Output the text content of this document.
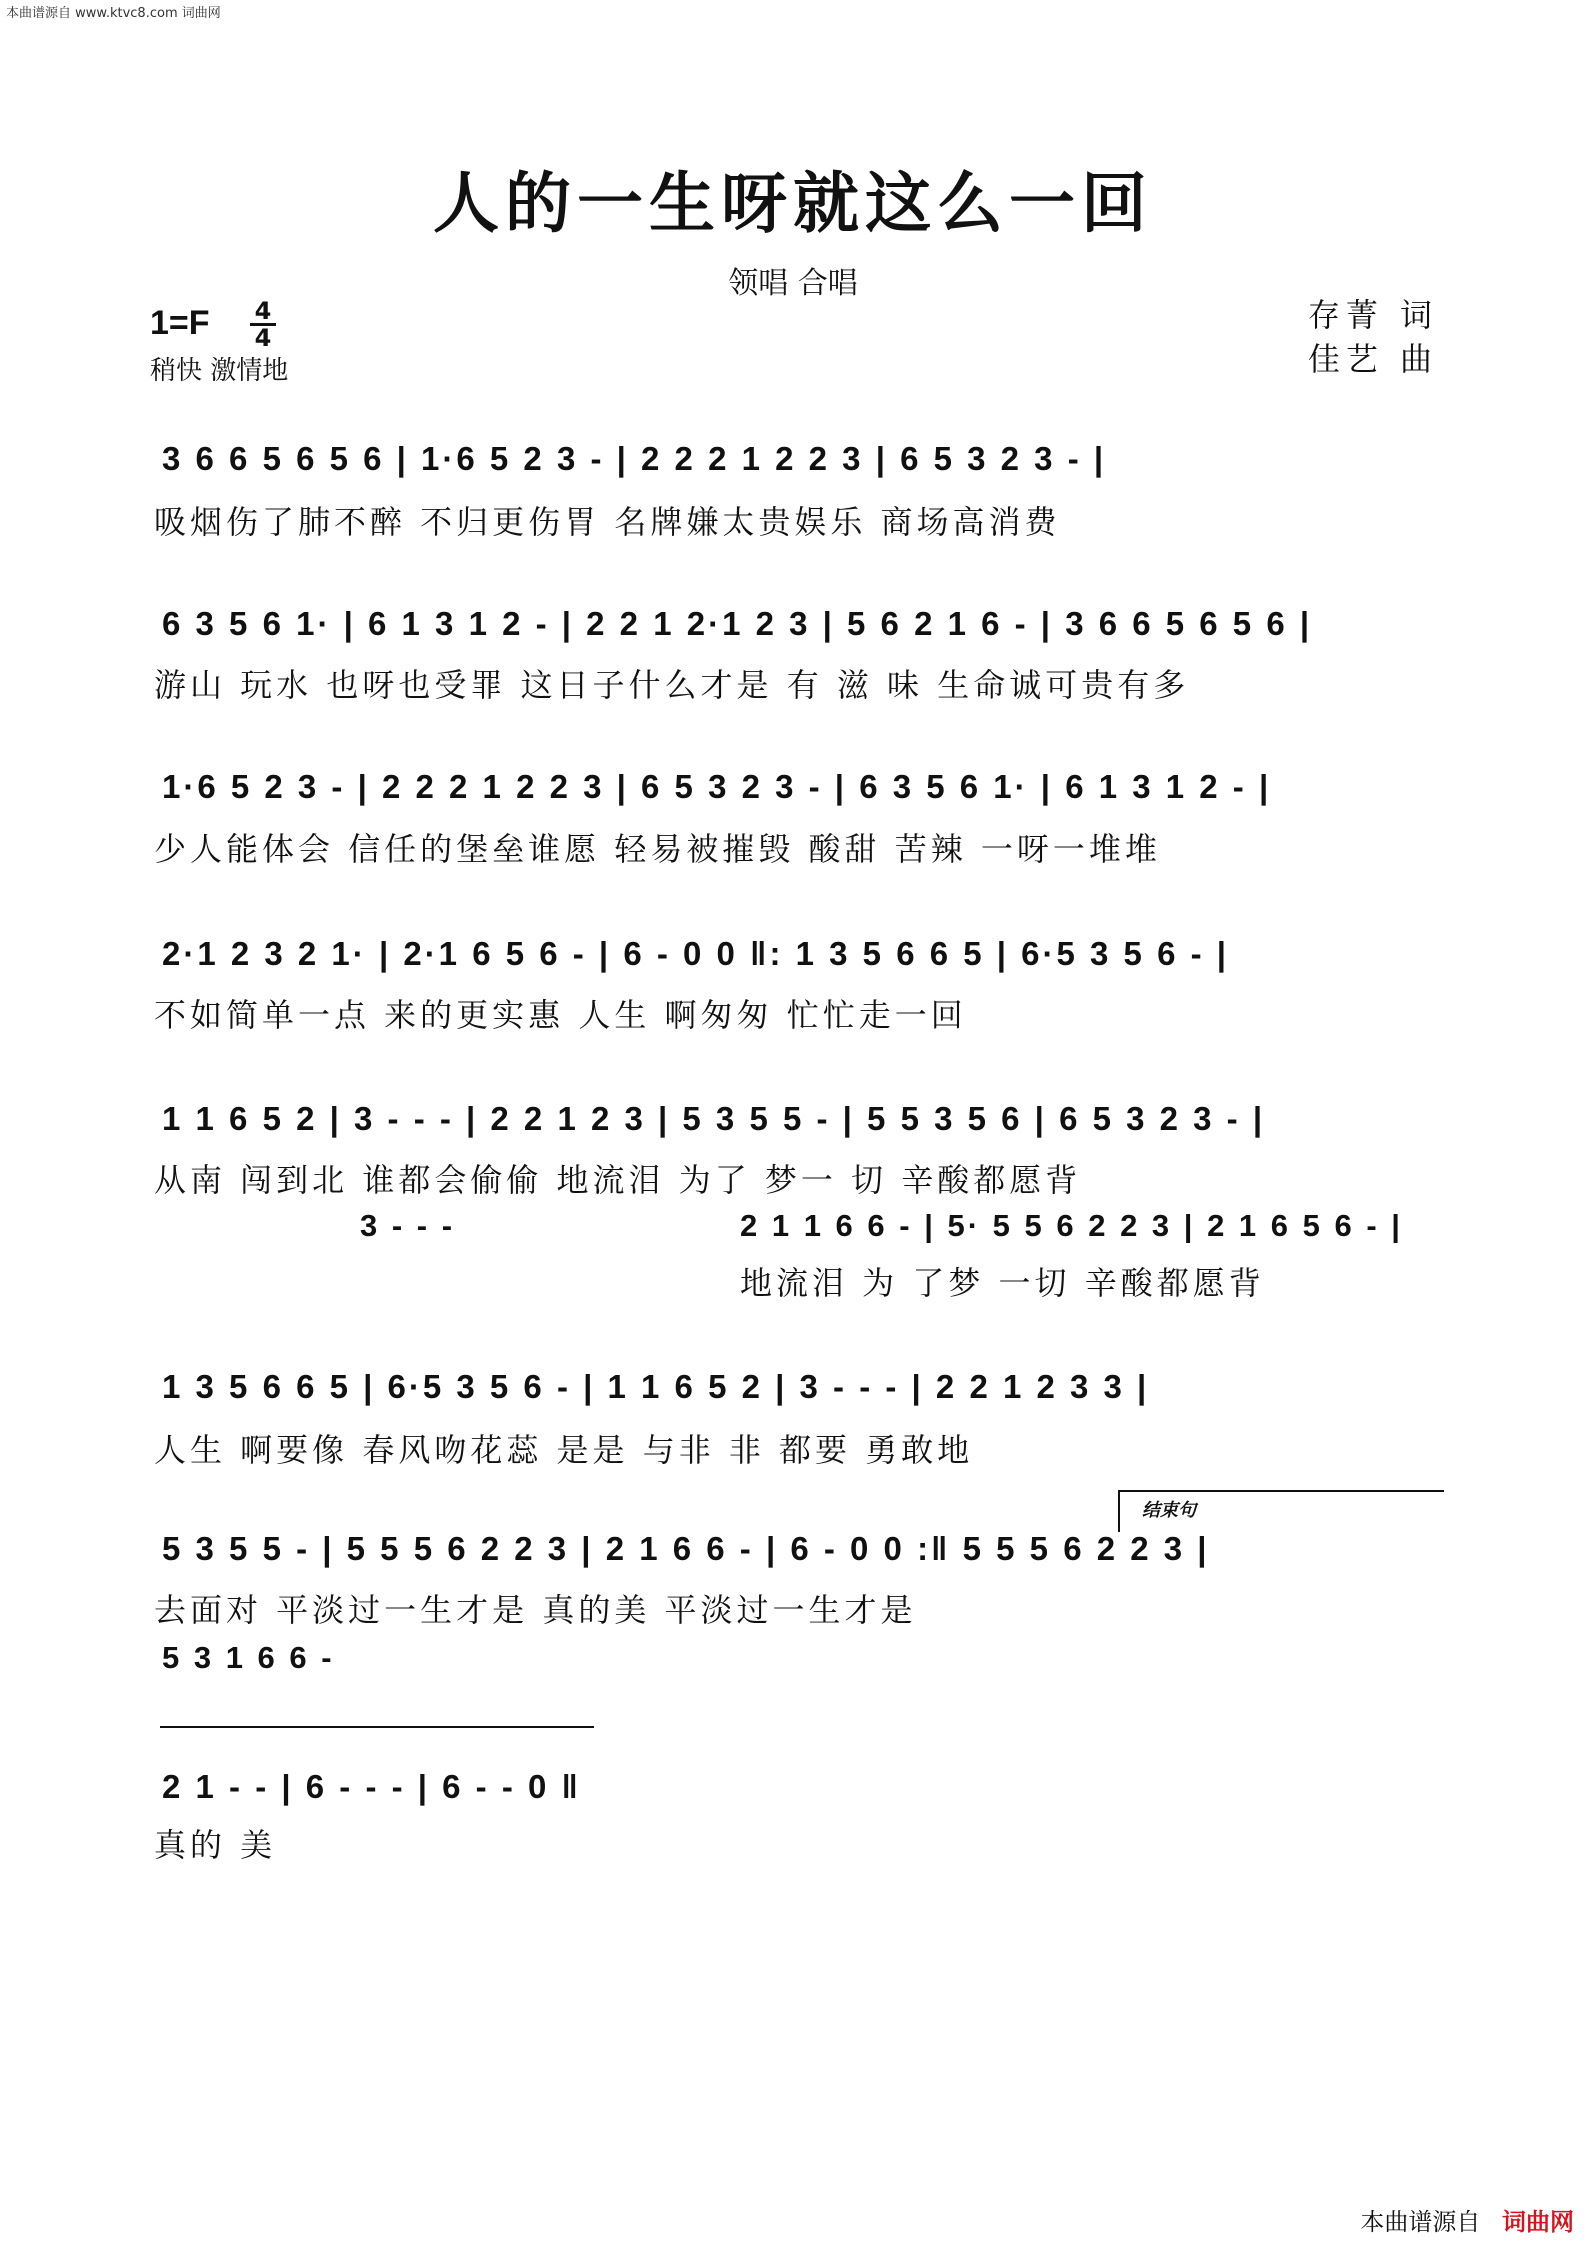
本曲谱源自 www.ktvc8.com 词曲网
人的一生呀就这么一回
领唱 合唱
1=F 4
4
稍快 激情地
存菁 词
佳艺 曲
3 6 6 5 6 5 6 | 1·6 5 2 3 - | 2 2 2 1 2 2 3 | 6 5 3 2 3 - |
吸烟伤了肺不醉 不归更伤胃 名牌嫌太贵娱乐 商场高消费
6 3 5 6 1· | 6 1 3 1 2 - | 2 2 1 2·1 2 3 | 5 6 2 1 6 - | 3 6 6 5 6 5 6 |
游山 玩水 也呀也受罪 这日子什么才是 有 滋 味 生命诚可贵有多
1·6 5 2 3 - | 2 2 2 1 2 2 3 | 6 5 3 2 3 - | 6 3 5 6 1· | 6 1 3 1 2 - |
少人能体会 信任的堡垒谁愿 轻易被摧毁 酸甜 苦辣 一呀一堆堆
2·1 2 3 2 1· | 2·1 6 5 6 - | 6 - 0 0 ‖: 1 3 5 6 6 5 | 6·5 3 5 6 - |
不如简单一点 来的更实惠 人生 啊匆匆 忙忙走一回
1 1 6 5 2 | 3 - - - | 2 2 1 2 3 | 5 3 5 5 - | 5 5 3 5 6 | 6 5 3 2 3 - |
从南 闯到北 谁都会偷偷 地流泪 为了 梦一 切 辛酸都愿背
3 - - -	2 1 1 6 6 - | 5· 5 5 6 2 2 3 | 2 1 6 5 6 - |
地流泪 为 了梦 一切 辛酸都愿背
1 3 5 6 6 5 | 6·5 3 5 6 - | 1 1 6 5 2 | 3 - - - | 2 2 1 2 3 3 |
人生 啊要像 春风吻花蕊 是是 与非 非 都要 勇敢地
结束句
5 3 5 5 - | 5 5 5 6 2 2 3 | 2 1 6 6 - | 6 - 0 0 :‖ 5 5 5 6 2 2 3 |
去面对 平淡过一生才是 真的美 平淡过一生才是
5 3 1 6 6 -
2 1 - - | 6 - - - | 6 - - 0 ‖
真的 美
本曲谱源自 词曲网
